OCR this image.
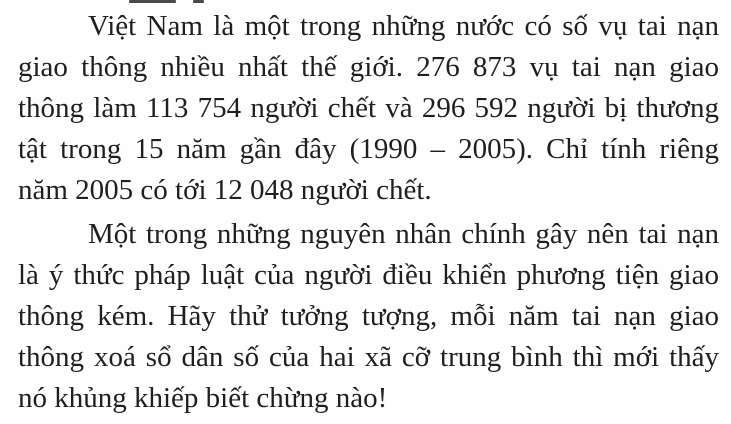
Việt Nam là một trong những nước có số vụ tai nạn
giao thông nhiều nhất thế giới. 276 873 vụ tai nạn giao
thông làm 113 754 người chết và 296 592 người bị thương
tật trong 15 năm gần đây (1990 – 2005). Chỉ tính riêng
năm 2005 có tới 12 048 người chết.

Một trong những nguyên nhân chính gây nên tai nạn
là ý thức pháp luật của người điều khiển phương tiện giao
thông kém. Hãy thử tưởng tượng, mỗi năm tai nạn giao
thông xoá sổ dân số của hai xã cỡ trung bình thì mới thấy
nó khủng khiếp biết chừng nào!
